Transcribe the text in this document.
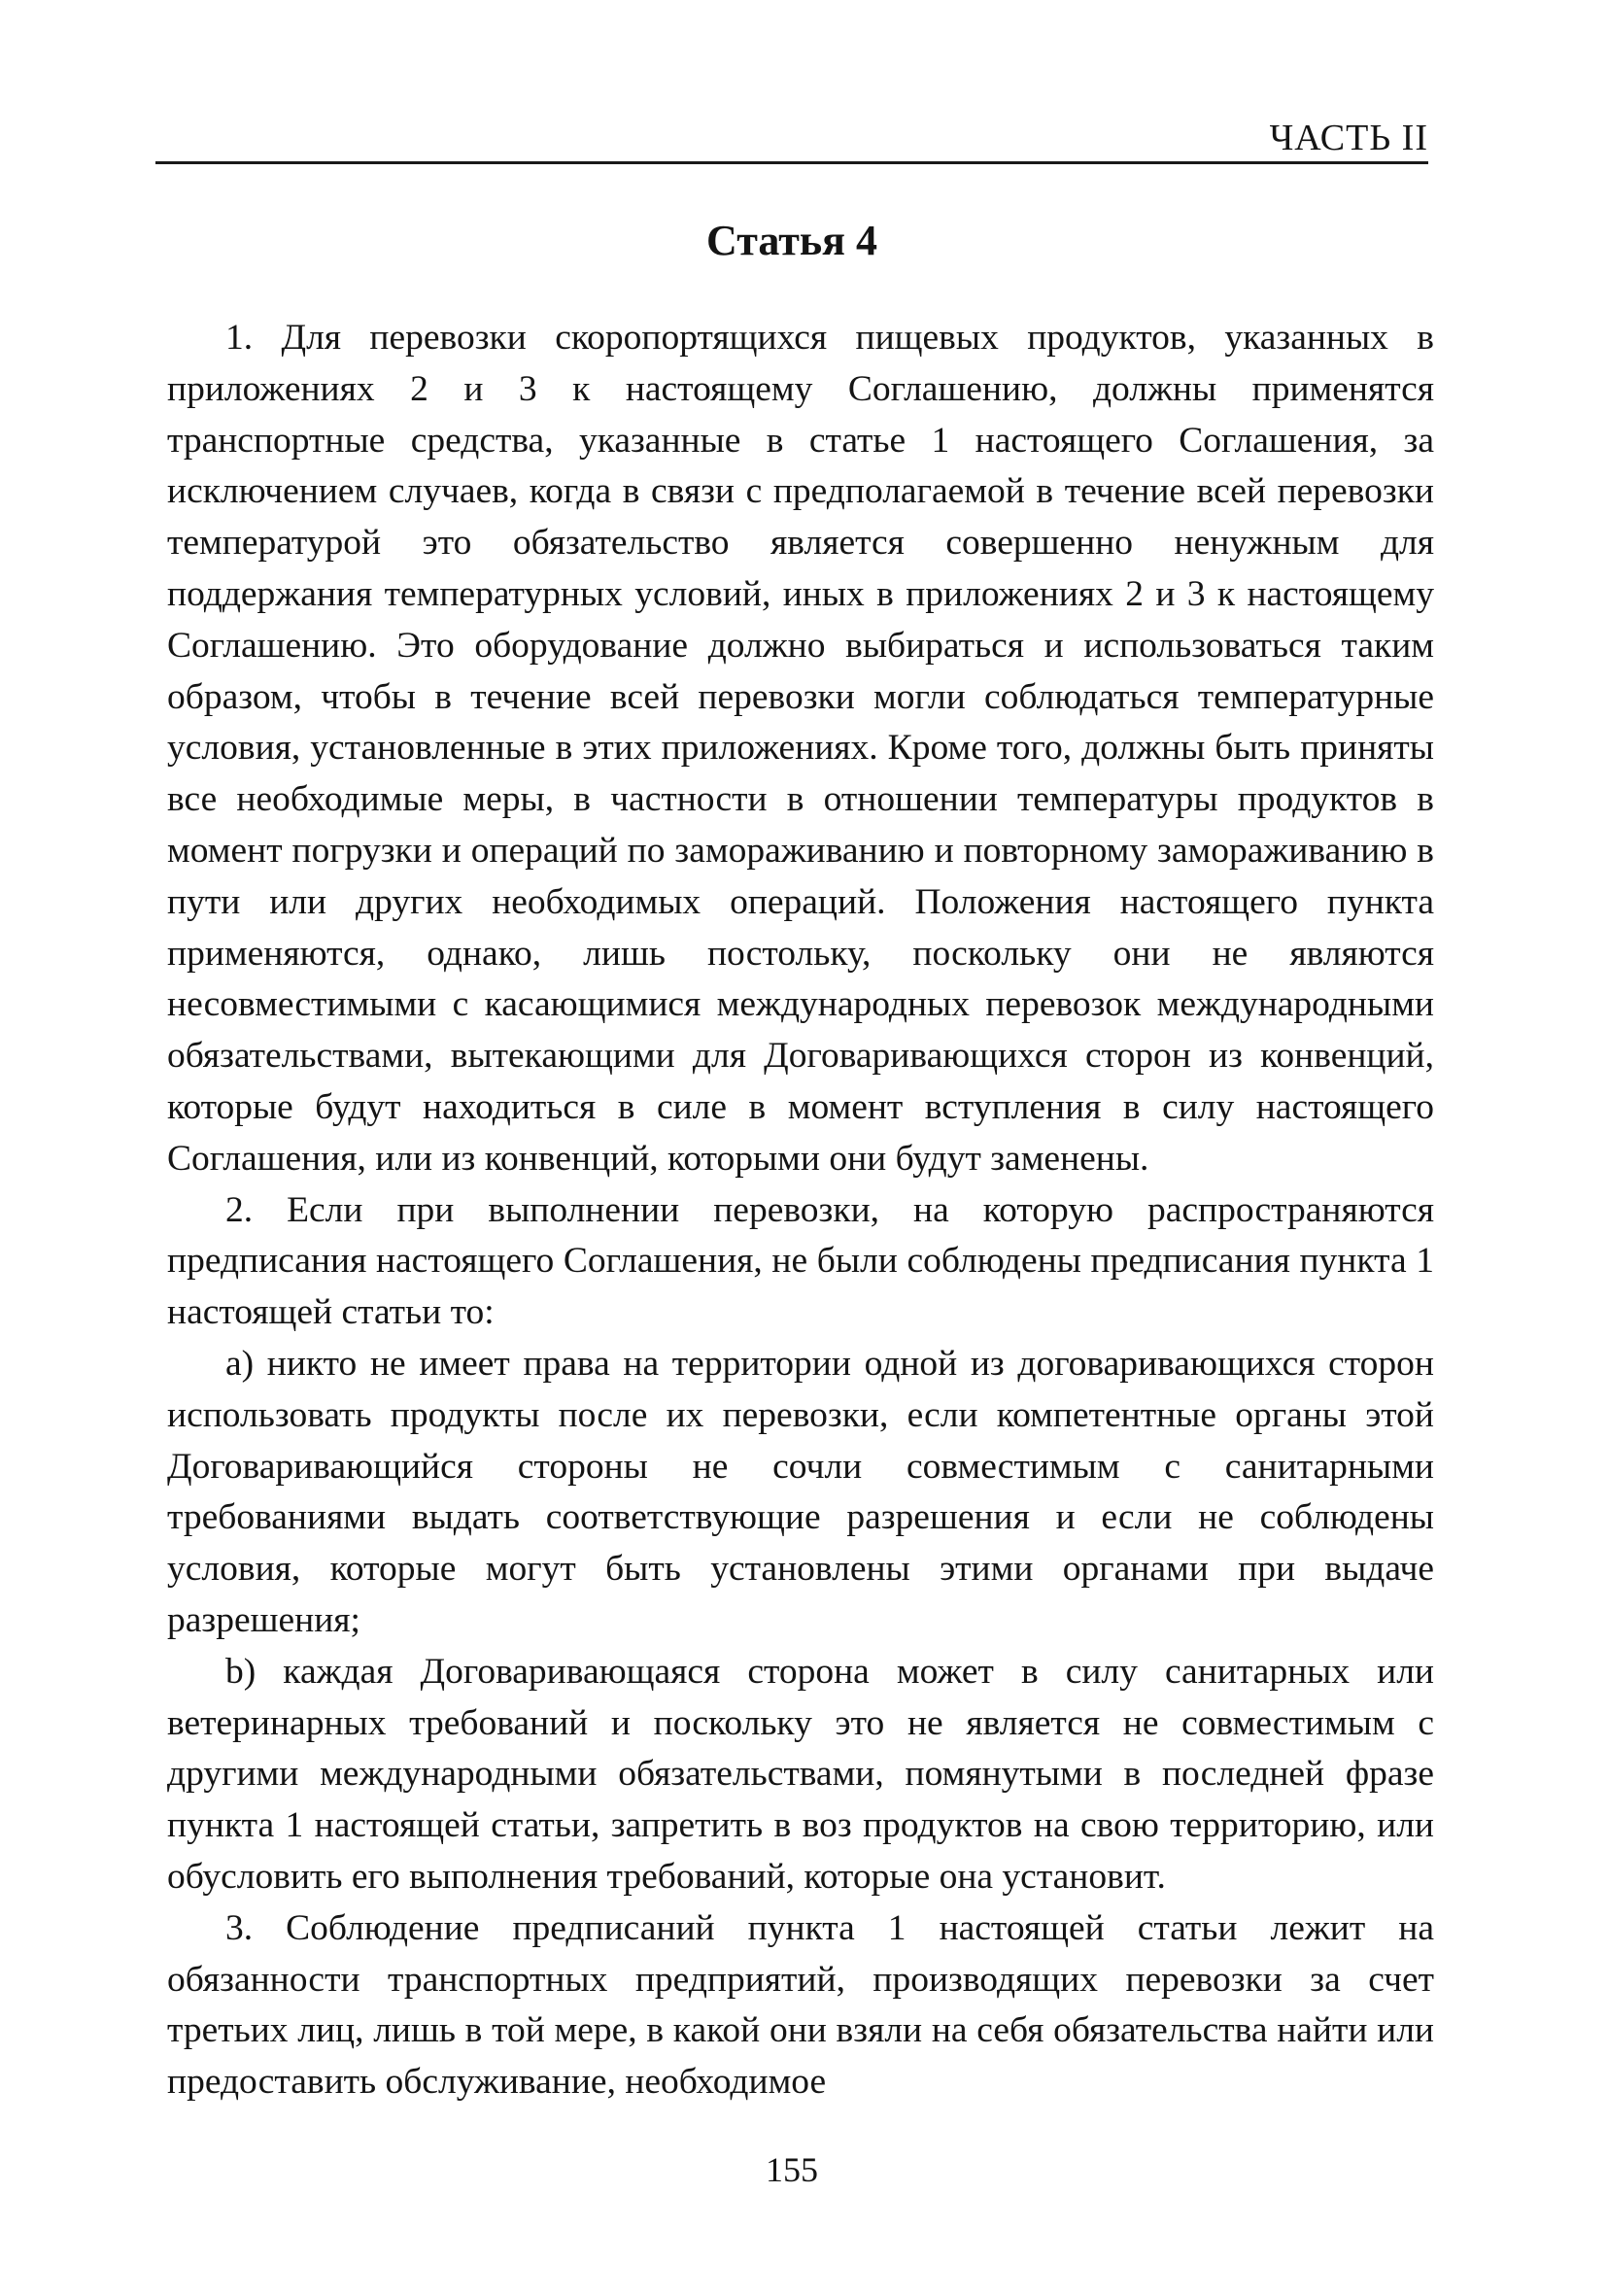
ЧАСТЬ II
Статья 4

1. Для перевозки скоропортящихся пищевых продуктов, указанных в приложениях 2 и 3 к настоящему Соглашению, должны применятся транспортные средства, указанные в статье 1 настоящего Соглашения, за исключением случаев, когда в связи с предполагаемой в течение всей перевозки температурой это обязательство является совершенно ненужным для поддержания температурных условий, иных в приложениях 2 и 3 к настоящему Соглашению. Это оборудование должно выбираться и использоваться таким образом, чтобы в течение всей перевозки могли соблюдаться температурные условия, установленные в этих приложениях. Кроме того, должны быть приняты все необходимые меры, в частности в отношении температуры продуктов в момент погрузки и операций по замораживанию и повторному замораживанию в пути или других необходимых операций. Положения настоящего пункта применяются, однако, лишь постольку, поскольку они не являются несовместимыми с касающимися международных перевозок международными обязательствами, вытекающими для Договаривающихся сторон из конвенций, которые будут находиться в силе в момент вступления в силу настоящего Соглашения, или из конвенций, которыми они будут заменены.

2. Если при выполнении перевозки, на которую распространяются предписания настоящего Соглашения, не были соблюдены предписания пункта 1 настоящей статьи то:

a) никто не имеет права на территории одной из договаривающихся сторон использовать продукты после их перевозки, если компетентные органы этой Договаривающийся стороны не сочли совместимым с санитарными требованиями выдать соответствующие разрешения и если не соблюдены условия, которые могут быть установлены этими органами при выдаче разрешения;

b) каждая Договаривающаяся сторона может в силу санитарных или ветеринарных требований и поскольку это не является не совместимым с другими международными обязательствами, помянутыми в последней фразе пункта 1 настоящей статьи, запретить в воз продуктов на свою территорию, или обусловить его выполнения требований, которые она установит.

3. Соблюдение предписаний пункта 1 настоящей статьи лежит на обязанности транспортных предприятий, производящих перевозки за счет третьих лиц, лишь в той мере, в какой они взяли на себя обязательства найти или предоставить обслуживание, необходимое

155
